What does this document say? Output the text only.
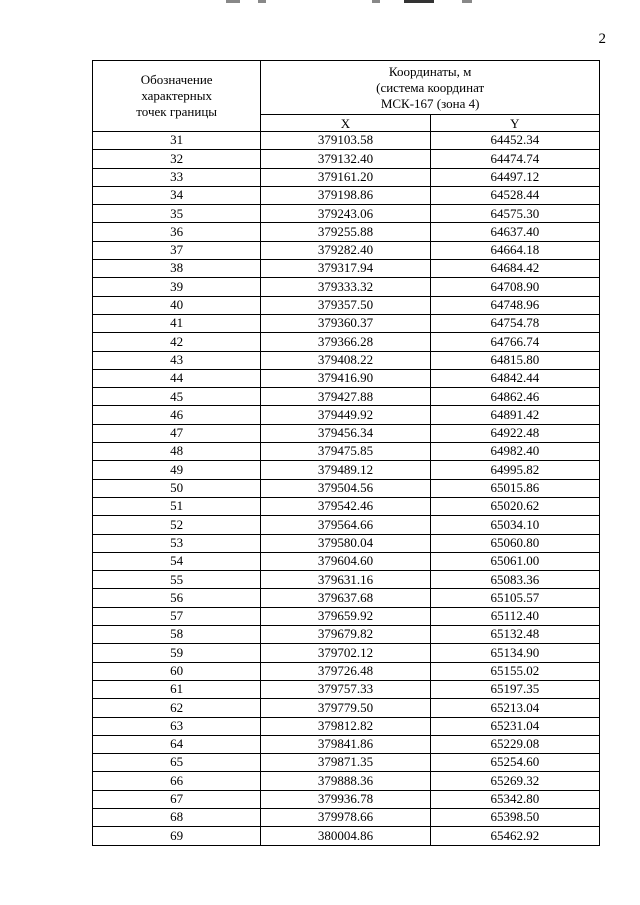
2
Обозначение
характерных
точек границы	Координаты, м
(система координат
МСК-167 (зона 4)	
	X	Y
31	379103.58	64452.34
32	379132.40	64474.74
33	379161.20	64497.12
34	379198.86	64528.44
35	379243.06	64575.30
36	379255.88	64637.40
37	379282.40	64664.18
38	379317.94	64684.42
39	379333.32	64708.90
40	379357.50	64748.96
41	379360.37	64754.78
42	379366.28	64766.74
43	379408.22	64815.80
44	379416.90	64842.44
45	379427.88	64862.46
46	379449.92	64891.42
47	379456.34	64922.48
48	379475.85	64982.40
49	379489.12	64995.82
50	379504.56	65015.86
51	379542.46	65020.62
52	379564.66	65034.10
53	379580.04	65060.80
54	379604.60	65061.00
55	379631.16	65083.36
56	379637.68	65105.57
57	379659.92	65112.40
58	379679.82	65132.48
59	379702.12	65134.90
60	379726.48	65155.02
61	379757.33	65197.35
62	379779.50	65213.04
63	379812.82	65231.04
64	379841.86	65229.08
65	379871.35	65254.60
66	379888.36	65269.32
67	379936.78	65342.80
68	379978.66	65398.50
69	380004.86	65462.92
